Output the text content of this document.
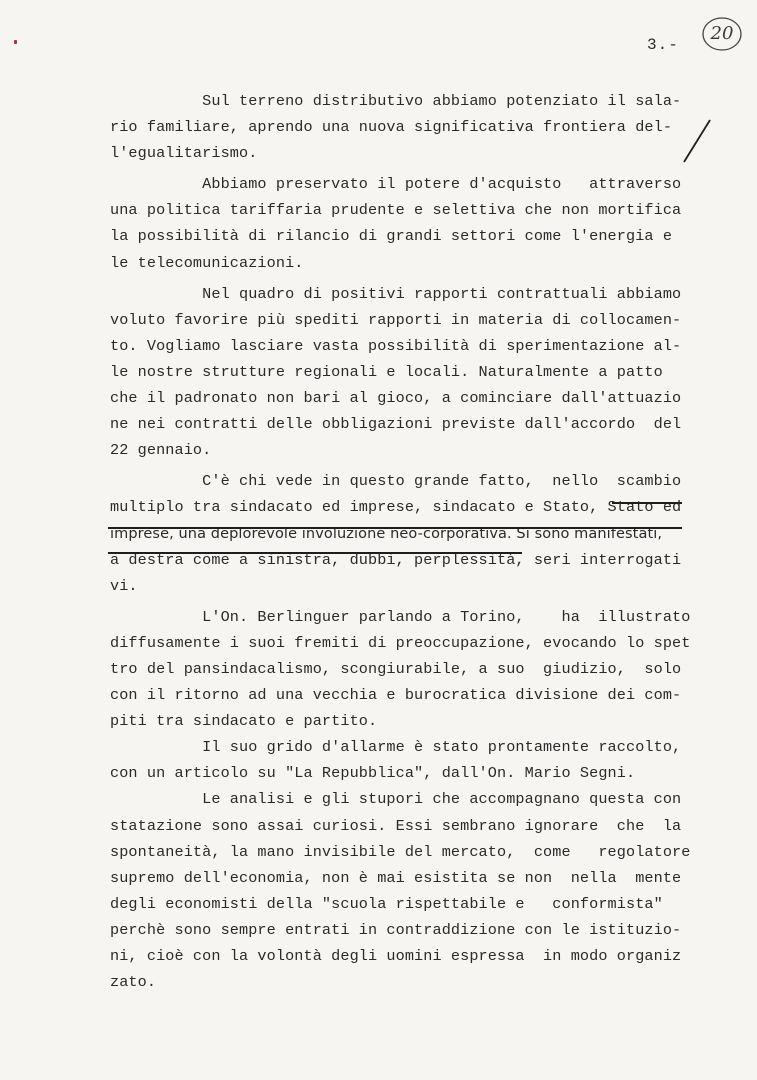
3.-
20
Sul terreno distributivo abbiamo potenziato il sala-
rio familiare, aprendo una nuova significativa frontiera del-
l'egualitarismo.
Abbiamo preservato il potere d'acquisto   attraverso
una politica tariffaria prudente e selettiva che non mortifica
la possibilità di rilancio di grandi settori come l'energia e
le telecomunicazioni.
Nel quadro di positivi rapporti contrattuali abbiamo
voluto favorire più spediti rapporti in materia di collocamen-
to. Vogliamo lasciare vasta possibilità di sperimentazione al-
le nostre strutture regionali e locali. Naturalmente a patto
che il padronato non bari al gioco, a cominciare dall'attuazio
ne nei contratti delle obbligazioni previste dall'accordo  del
22 gennaio.
C'è chi vede in questo grande fatto,  nello  scambio
multiplo tra sindacato ed imprese, sindacato e Stato, Stato ed
imprese, una deplorevole involuzione neo-corporativa. Si sono manifestati,
a destra come a sinistra, dubbi, perplessità, seri interrogati
vi.
L'On. Berlinguer parlando a Torino,    ha  illustrato
diffusamente i suoi fremiti di preoccupazione, evocando lo spet
tro del pansindacalismo, scongiurabile, a suo  giudizio,  solo
con il ritorno ad una vecchia e burocratica divisione dei com-
piti tra sindacato e partito.
Il suo grido d'allarme è stato prontamente raccolto,
con un articolo su "La Repubblica", dall'On. Mario Segni.
Le analisi e gli stupori che accompagnano questa con
statazione sono assai curiosi. Essi sembrano ignorare  che  la
spontaneità, la mano invisibile del mercato,  come   regolatore
supremo dell'economia, non è mai esistita se non  nella  mente
degli economisti della "scuola rispettabile e   conformista"
perchè sono sempre entrati in contraddizione con le istituzio-
ni, cioè con la volontà degli uomini espressa  in modo organiz
zato.
